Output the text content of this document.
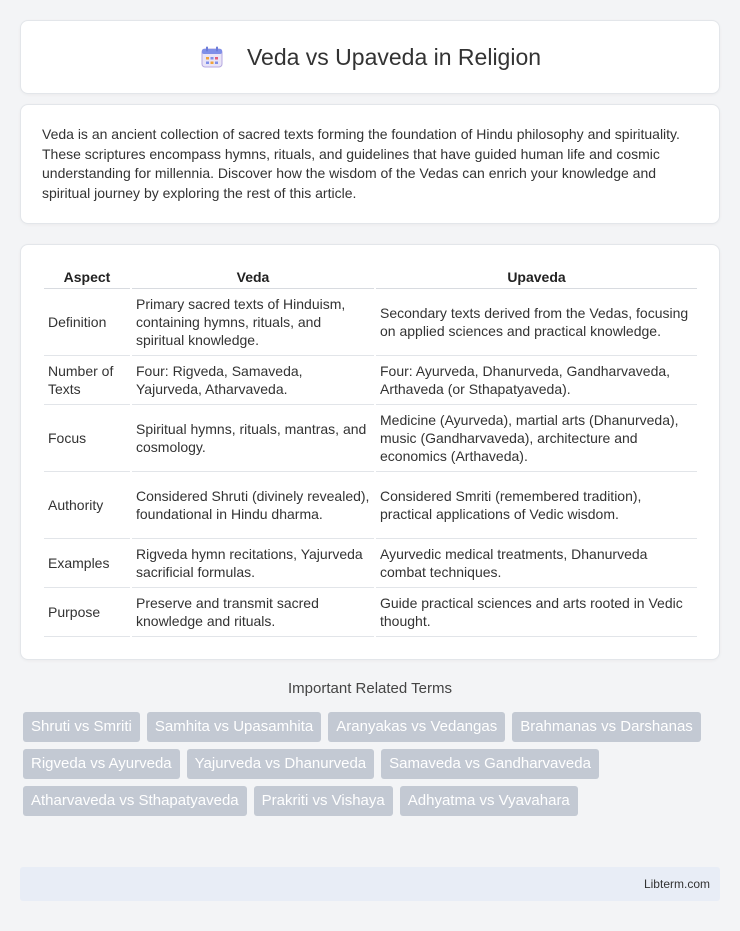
Veda vs Upaveda in Religion

Veda is an ancient collection of sacred texts forming the foundation of Hindu philosophy and spirituality. These scriptures encompass hymns, rituals, and guidelines that have guided human life and cosmic understanding for millennia. Discover how the wisdom of the Vedas can enrich your knowledge and spiritual journey by exploring the rest of this article.

Aspect	Veda	Upaveda
Definition	Primary sacred texts of Hinduism, containing hymns, rituals, and spiritual knowledge.	Secondary texts derived from the Vedas, focusing on applied sciences and practical knowledge.
Number of Texts	Four: Rigveda, Samaveda, Yajurveda, Atharvaveda.	Four: Ayurveda, Dhanurveda, Gandharvaveda, Arthaveda (or Sthapatyaveda).
Focus	Spiritual hymns, rituals, mantras, and cosmology.	Medicine (Ayurveda), martial arts (Dhanurveda), music (Gandharvaveda), architecture and economics (Arthaveda).
Authority	Considered Shruti (divinely revealed), foundational in Hindu dharma.	Considered Smriti (remembered tradition), practical applications of Vedic wisdom.
Examples	Rigveda hymn recitations, Yajurveda sacrificial formulas.	Ayurvedic medical treatments, Dhanurveda combat techniques.
Purpose	Preserve and transmit sacred knowledge and rituals.	Guide practical sciences and arts rooted in Vedic thought.
Important Related Terms
Shruti vs Smriti	Samhita vs Upasamhita	Aranyakas vs Vedangas	Brahmanas vs Darshanas
Rigveda vs Ayurveda	Yajurveda vs Dhanurveda	Samaveda vs Gandharvaveda
Atharvaveda vs Sthapatyaveda	Prakriti vs Vishaya	Adhyatma vs Vyavahara
Libterm.com
